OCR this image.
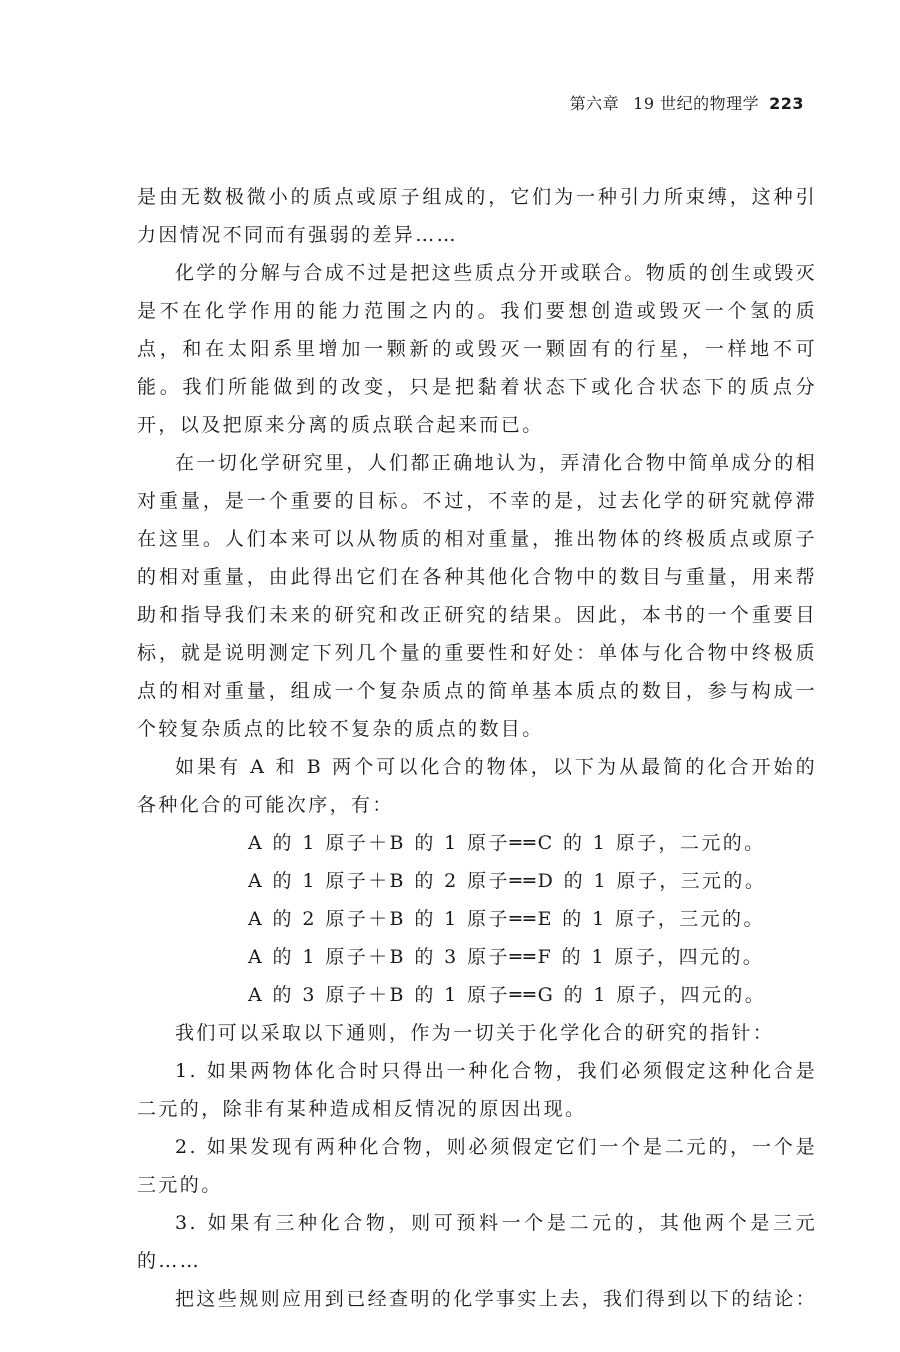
第六章 19 世纪的物理学 223

是由无数极微小的质点或原子组成的，它们为一种引力所束缚，这种引力因情况不同而有强弱的差异……

化学的分解与合成不过是把这些质点分开或联合。物质的创生或毁灭是不在化学作用的能力范围之内的。我们要想创造或毁灭一个氢的质点，和在太阳系里增加一颗新的或毁灭一颗固有的行星，一样地不可能。我们所能做到的改变，只是把黏着状态下或化合状态下的质点分开，以及把原来分离的质点联合起来而已。

在一切化学研究里，人们都正确地认为，弄清化合物中简单成分的相对重量，是一个重要的目标。不过，不幸的是，过去化学的研究就停滞在这里。人们本来可以从物质的相对重量，推出物体的终极质点或原子的相对重量，由此得出它们在各种其他化合物中的数目与重量，用来帮助和指导我们未来的研究和改正研究的结果。因此，本书的一个重要目标，就是说明测定下列几个量的重要性和好处：单体与化合物中终极质点的相对重量，组成一个复杂质点的简单基本质点的数目，参与构成一个较复杂质点的比较不复杂的质点的数目。

如果有 A 和 B 两个可以化合的物体，以下为从最简的化合开始的各种化合的可能次序，有：

A 的 1 原子＋B 的 1 原子══C 的 1 原子，二元的。
A 的 1 原子＋B 的 2 原子══D 的 1 原子，三元的。
A 的 2 原子＋B 的 1 原子══E 的 1 原子，三元的。
A 的 1 原子＋B 的 3 原子══F 的 1 原子，四元的。
A 的 3 原子＋B 的 1 原子══G 的 1 原子，四元的。

我们可以采取以下通则，作为一切关于化学化合的研究的指针：

1. 如果两物体化合时只得出一种化合物，我们必须假定这种化合是二元的，除非有某种造成相反情况的原因出现。

2. 如果发现有两种化合物，则必须假定它们一个是二元的，一个是三元的。

3. 如果有三种化合物，则可预料一个是二元的，其他两个是三元的……

把这些规则应用到已经查明的化学事实上去，我们得到以下的结论：
